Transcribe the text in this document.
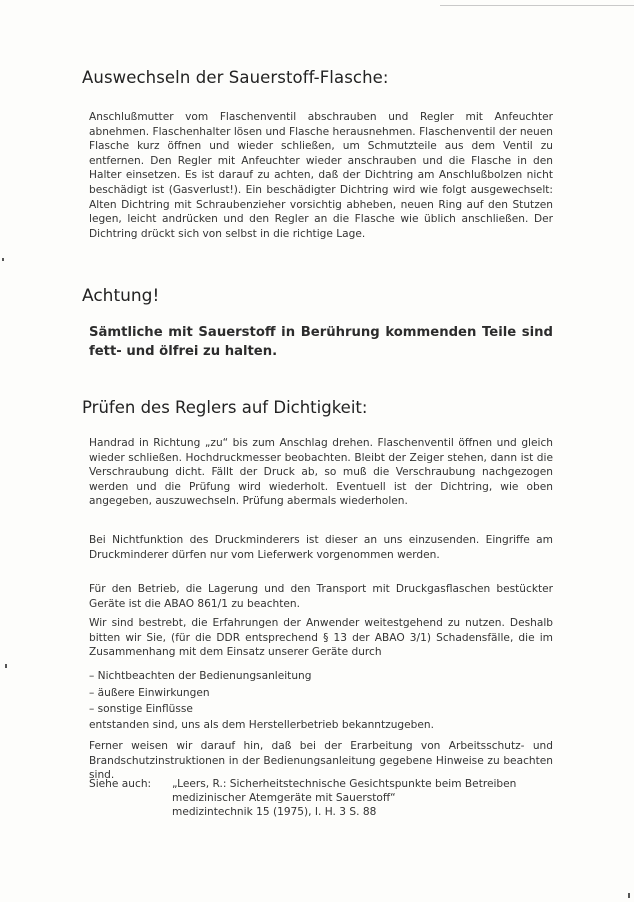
Auswechseln der Sauerstoff-Flasche:

Anschlußmutter vom Flaschenventil abschrauben und Regler mit Anfeuchter abnehmen. Flaschenhalter lösen und Flasche herausnehmen. Flaschenventil der neuen Flasche kurz öffnen und wieder schließen, um Schmutzteile aus dem Ventil zu entfernen. Den Regler mit Anfeuchter wieder anschrauben und die Flasche in den Halter einsetzen. Es ist darauf zu achten, daß der Dichtring am Anschlußbolzen nicht beschädigt ist (Gasverlust!). Ein beschädigter Dichtring wird wie folgt ausgewechselt: Alten Dichtring mit Schraubenzieher vorsichtig abheben, neuen Ring auf den Stutzen legen, leicht andrücken und den Regler an die Flasche wie üblich anschließen. Der Dichtring drückt sich von selbst in die richtige Lage.

Achtung!

Sämtliche mit Sauerstoff in Berührung kommenden Teile sind fett- und ölfrei zu halten.

Prüfen des Reglers auf Dichtigkeit:

Handrad in Richtung „zu“ bis zum Anschlag drehen. Flaschenventil öffnen und gleich wieder schließen. Hochdruckmesser beobachten. Bleibt der Zeiger stehen, dann ist die Verschraubung dicht. Fällt der Druck ab, so muß die Verschraubung nachgezogen werden und die Prüfung wird wiederholt. Eventuell ist der Dichtring, wie oben angegeben, auszuwechseln. Prüfung abermals wiederholen.

Bei Nichtfunktion des Druckminderers ist dieser an uns einzusenden. Eingriffe am Druckminderer dürfen nur vom Lieferwerk vorgenommen werden.

Für den Betrieb, die Lagerung und den Transport mit Druckgasflaschen bestückter Geräte ist die ABAO 861/1 zu beachten.

Wir sind bestrebt, die Erfahrungen der Anwender weitestgehend zu nutzen. Deshalb bitten wir Sie, (für die DDR entsprechend § 13 der ABAO 3/1) Schadensfälle, die im Zusammenhang mit dem Einsatz unserer Geräte durch

– Nichtbeachten der Bedienungsanleitung
– äußere Einwirkungen
– sonstige Einflüsse

entstanden sind, uns als dem Herstellerbetrieb bekanntzugeben.

Ferner weisen wir darauf hin, daß bei der Erarbeitung von Arbeitsschutz- und Brandschutzinstruktionen in der Bedienungsanleitung gegebene Hinweise zu beachten sind.

Siehe auch: „Leers, R.: Sicherheitstechnische Gesichtspunkte beim Betreiben
medizinischer Atemgeräte mit Sauerstoff“
medizintechnik 15 (1975), I. H. 3 S. 88
